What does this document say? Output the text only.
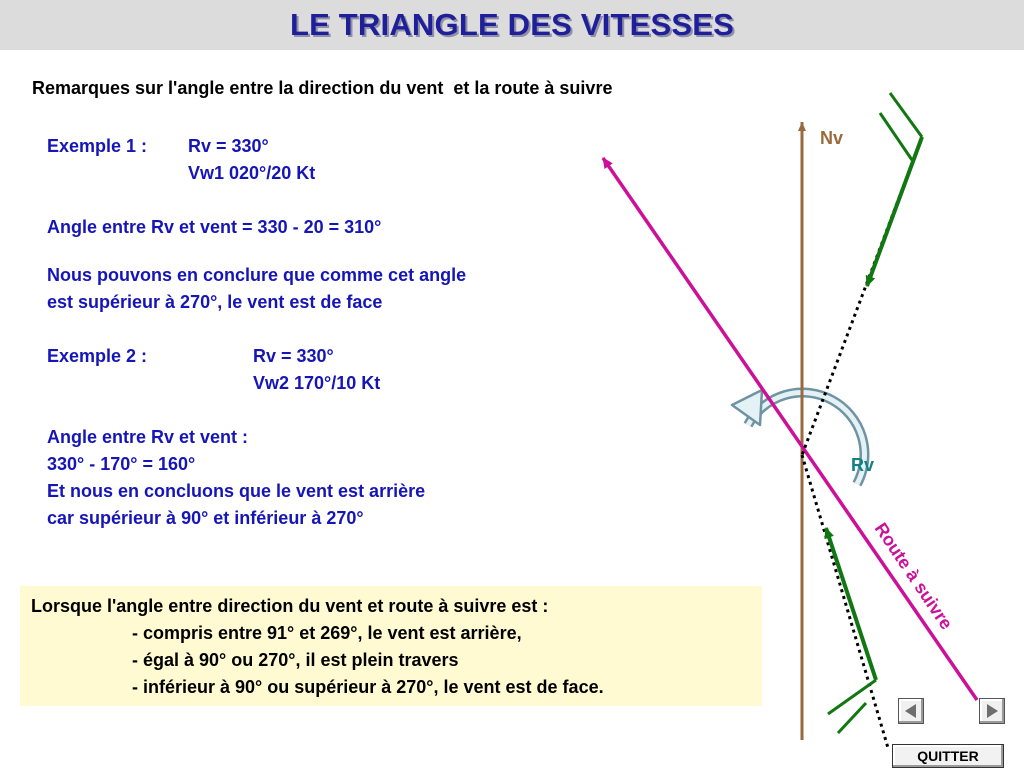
LE TRIANGLE DES VITESSES
Remarques sur l'angle entre la direction du vent  et la route à suivre
Exemple 1 : Rv = 330°
Vw1 020°/20 Kt
Angle entre Rv et vent = 330 - 20 = 310°
Nous pouvons en conclure que comme cet angle
est supérieur à 270°, le vent est de face
Exemple 2 :	Rv = 330°
Vw2 170°/10 Kt
Angle entre Rv et vent :
330° - 170° = 160°
Et nous en concluons que le vent est arrière
car supérieur à 90° et inférieur à 270°
Lorsque l'angle entre direction du vent et route à suivre est :
- compris entre 91° et 269°, le vent est arrière,
- égal à 90° ou 270°, il est plein travers
- inférieur à 90° ou supérieur à 270°, le vent est de face.
Nv
Rv
Route à suivre
QUITTER
